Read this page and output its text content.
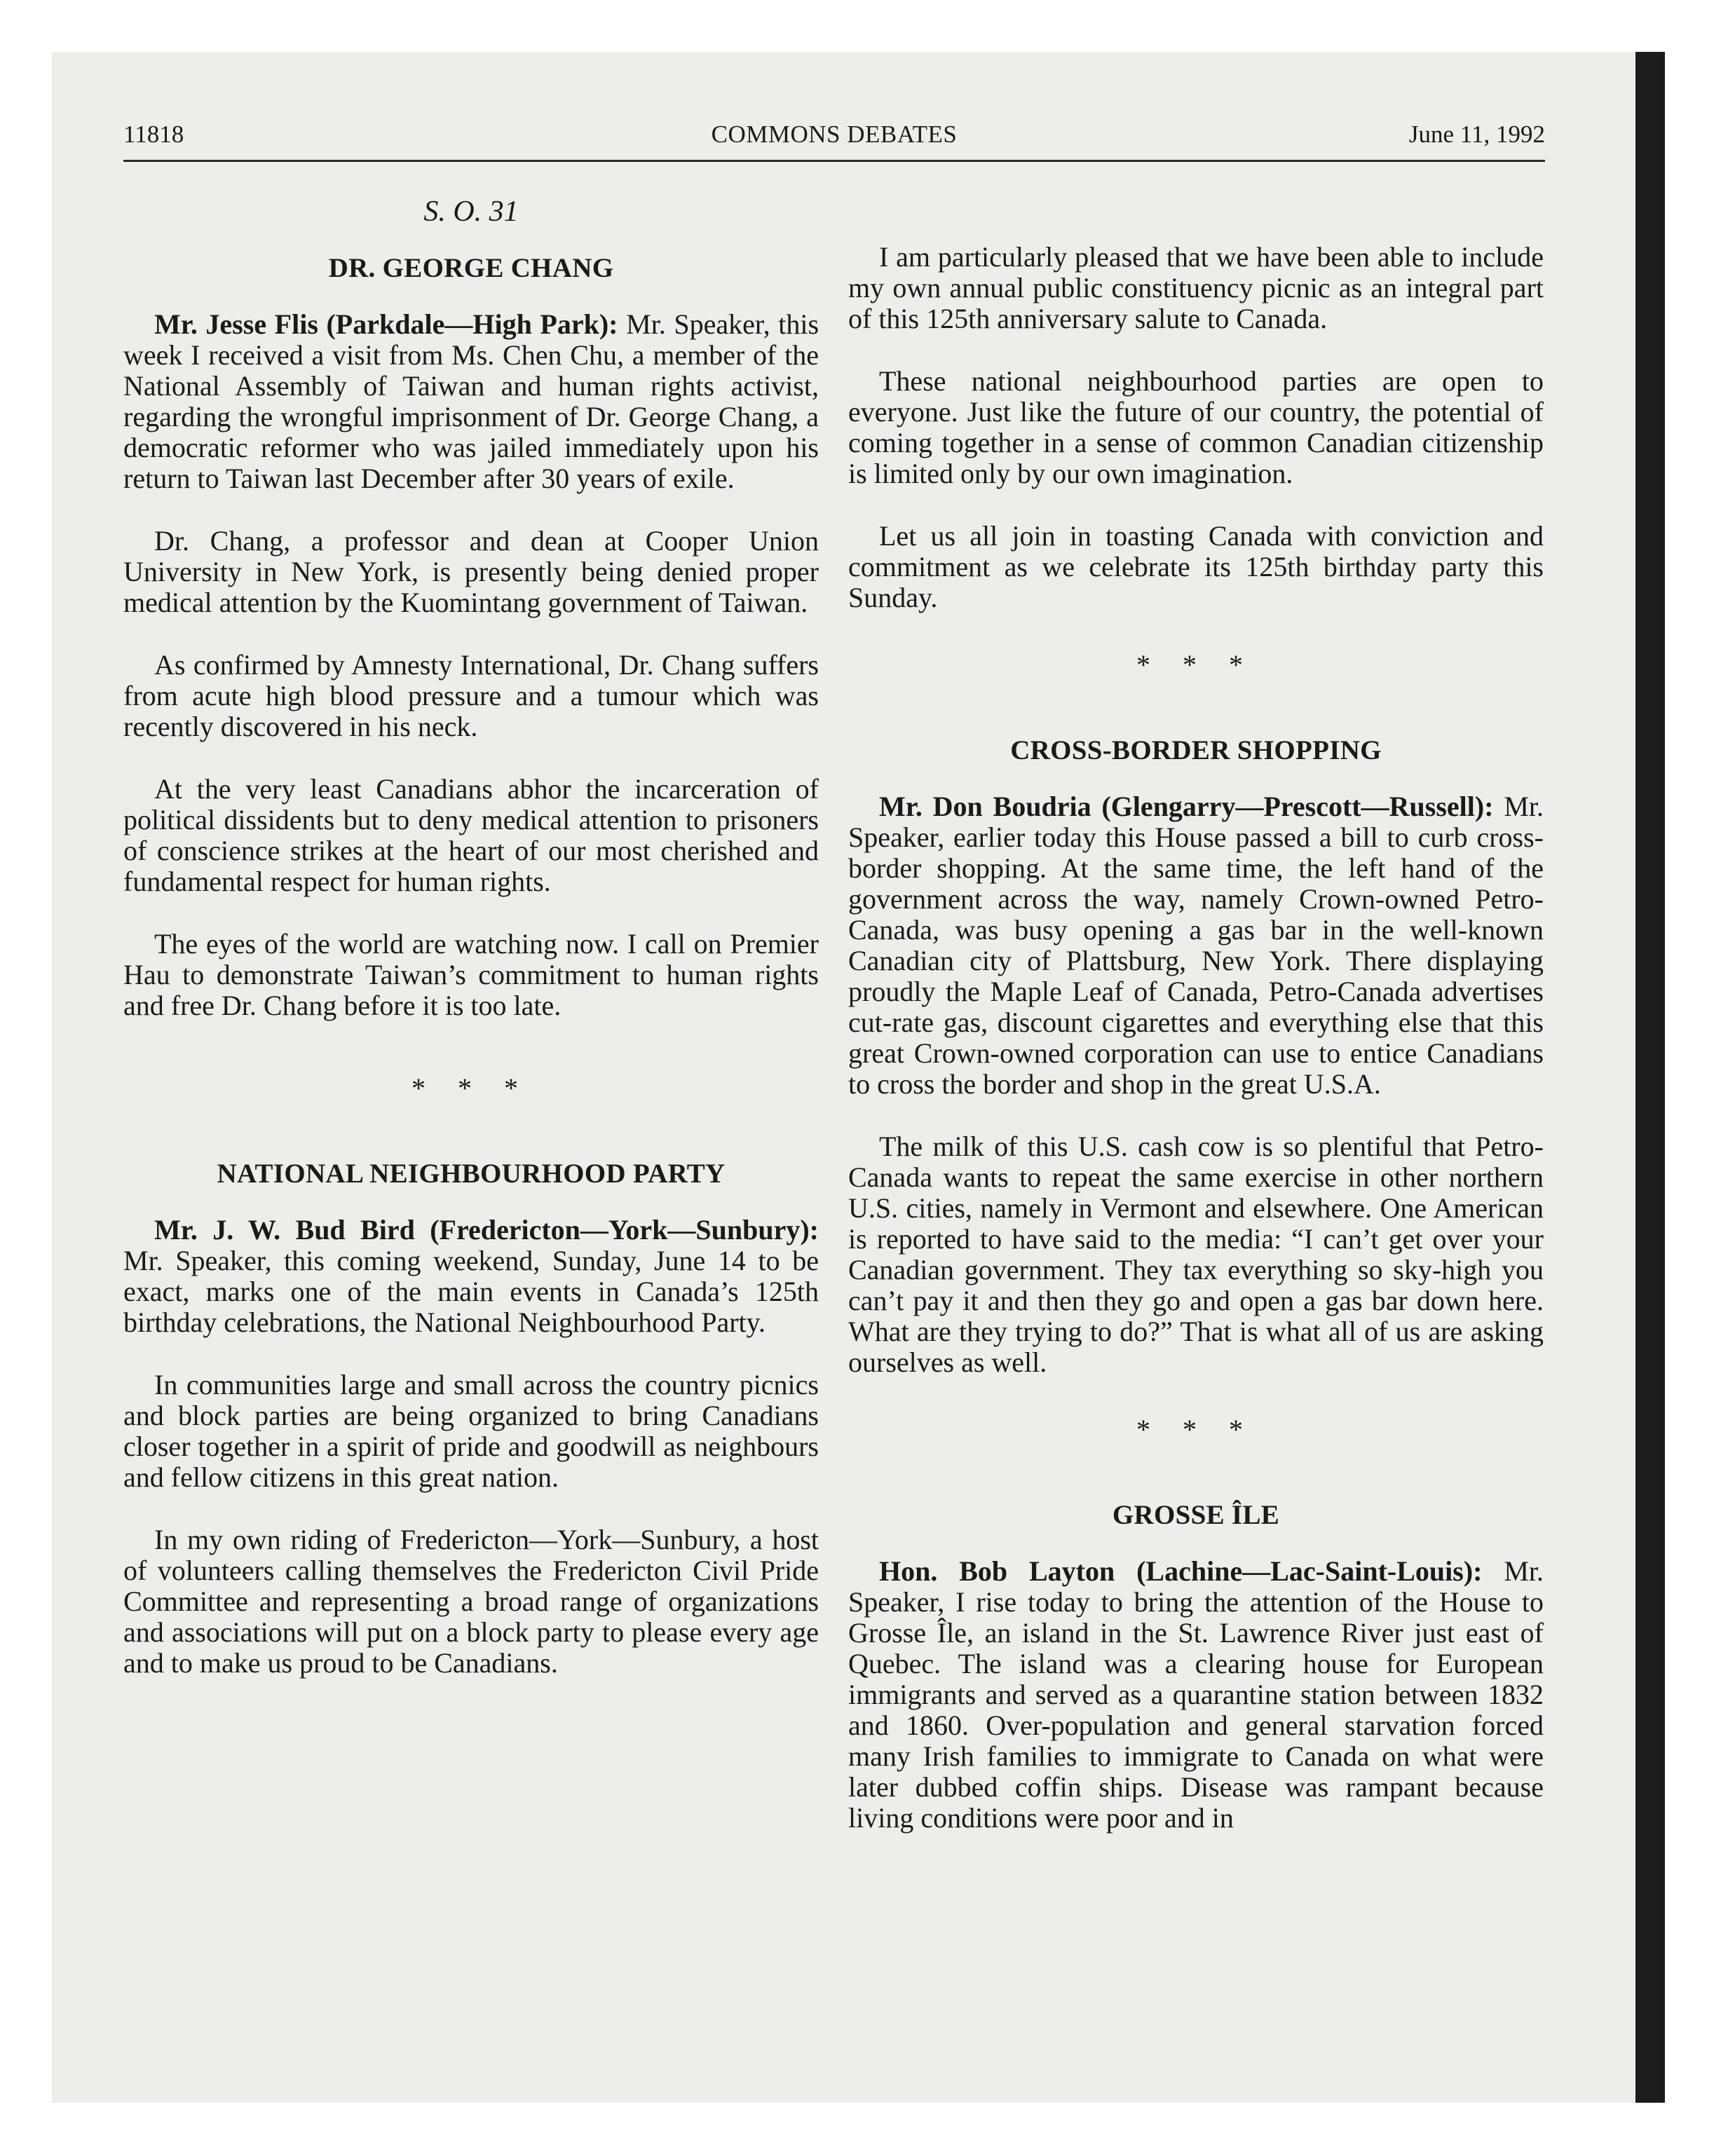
11818	COMMONS DEBATES	June 11, 1992
S. O. 31
DR. GEORGE CHANG

Mr. Jesse Flis (Parkdale—High Park): Mr. Speaker, this week I received a visit from Ms. Chen Chu, a member of the National Assembly of Taiwan and human rights activist, regarding the wrongful imprisonment of Dr. George Chang, a democratic reformer who was jailed immediately upon his return to Taiwan last December after 30 years of exile.

Dr. Chang, a professor and dean at Cooper Union University in New York, is presently being denied proper medical attention by the Kuomintang government of Taiwan.

As confirmed by Amnesty International, Dr. Chang suffers from acute high blood pressure and a tumour which was recently discovered in his neck.

At the very least Canadians abhor the incarceration of political dissidents but to deny medical attention to prisoners of conscience strikes at the heart of our most cherished and fundamental respect for human rights.

The eyes of the world are watching now. I call on Premier Hau to demonstrate Taiwan’s commitment to human rights and free Dr. Chang before it is too late.

* * *
NATIONAL NEIGHBOURHOOD PARTY

Mr. J. W. Bud Bird (Fredericton—York—Sunbury): Mr. Speaker, this coming weekend, Sunday, June 14 to be exact, marks one of the main events in Canada’s 125th birthday celebrations, the National Neighbourhood Party.

In communities large and small across the country picnics and block parties are being organized to bring Canadians closer together in a spirit of pride and goodwill as neighbours and fellow citizens in this great nation.

In my own riding of Fredericton—York—Sunbury, a host of volunteers calling themselves the Fredericton Civil Pride Committee and representing a broad range of organizations and associations will put on a block party to please every age and to make us proud to be Canadians.

I am particularly pleased that we have been able to include my own annual public constituency picnic as an integral part of this 125th anniversary salute to Canada.

These national neighbourhood parties are open to everyone. Just like the future of our country, the potential of coming together in a sense of common Canadian citizenship is limited only by our own imagination.

Let us all join in toasting Canada with conviction and commitment as we celebrate its 125th birthday party this Sunday.

* * *
CROSS-BORDER SHOPPING

Mr. Don Boudria (Glengarry—Prescott—Russell): Mr. Speaker, earlier today this House passed a bill to curb cross-border shopping. At the same time, the left hand of the government across the way, namely Crown-owned Petro-Canada, was busy opening a gas bar in the well-known Canadian city of Plattsburg, New York. There displaying proudly the Maple Leaf of Canada, Petro-Canada advertises cut-rate gas, discount cigarettes and everything else that this great Crown-owned corporation can use to entice Canadians to cross the border and shop in the great U.S.A.

The milk of this U.S. cash cow is so plentiful that Petro-Canada wants to repeat the same exercise in other northern U.S. cities, namely in Vermont and elsewhere. One American is reported to have said to the media: “I can’t get over your Canadian government. They tax everything so sky-high you can’t pay it and then they go and open a gas bar down here. What are they trying to do?” That is what all of us are asking ourselves as well.

* * *
GROSSE ÎLE

Hon. Bob Layton (Lachine—Lac-Saint-Louis): Mr. Speaker, I rise today to bring the attention of the House to Grosse Île, an island in the St. Lawrence River just east of Quebec. The island was a clearing house for European immigrants and served as a quarantine station between 1832 and 1860. Over-population and general starvation forced many Irish families to immigrate to Canada on what were later dubbed coffin ships. Disease was rampant because living conditions were poor and in
